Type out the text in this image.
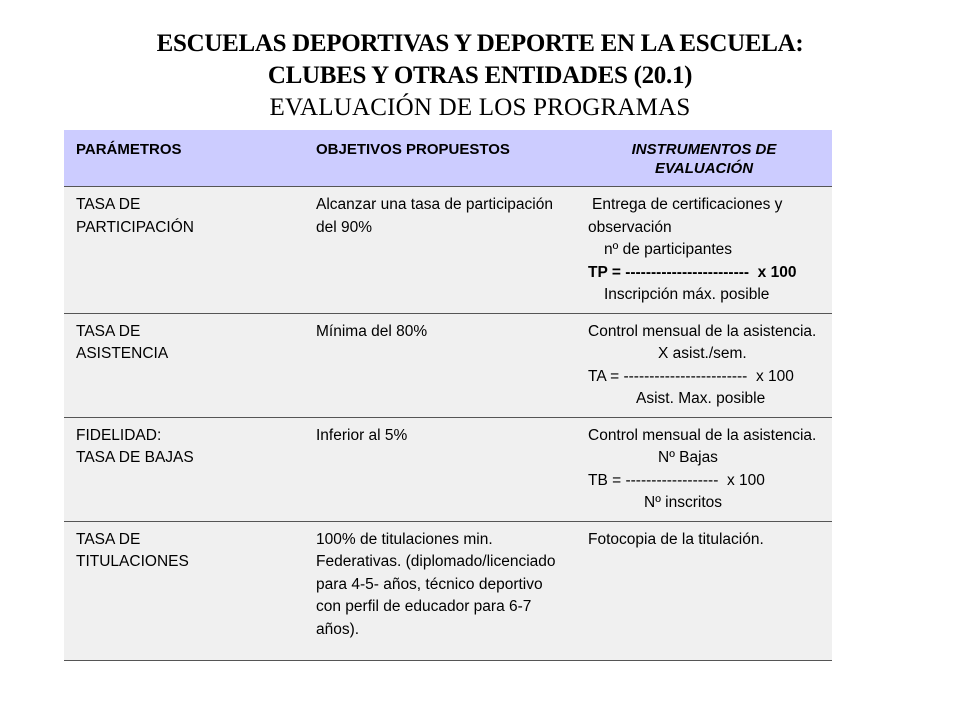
ESCUELAS DEPORTIVAS Y DEPORTE EN LA ESCUELA:
CLUBES Y OTRAS ENTIDADES (20.1)
EVALUACIÓN DE LOS PROGRAMAS
PARÁMETROS	OBJETIVOS PROPUESTOS	INSTRUMENTOS DE EVALUACIÓN

TASA DE
PARTICIPACIÓN	Alcanzar una tasa de participación del 90%	Entrega de certificaciones y
observación
nº de participantes
TP = ------------------------  x 100
Inscripción máx. posible

TASA DE
ASISTENCIA	Mínima del 80%	Control mensual de la asistencia.
X asist./sem.
TA = ------------------------  x 100
Asist. Max. posible

FIDELIDAD:
TASA DE BAJAS	Inferior al 5%	Control mensual de la asistencia.
Nº Bajas
TB = ------------------  x 100
Nº inscritos

TASA DE
TITULACIONES	100% de titulaciones min. Federativas. (diplomado/licenciado para 4-5- años, técnico deportivo con perfil de educador para 6-7 años).	Fotocopia de la titulación.
